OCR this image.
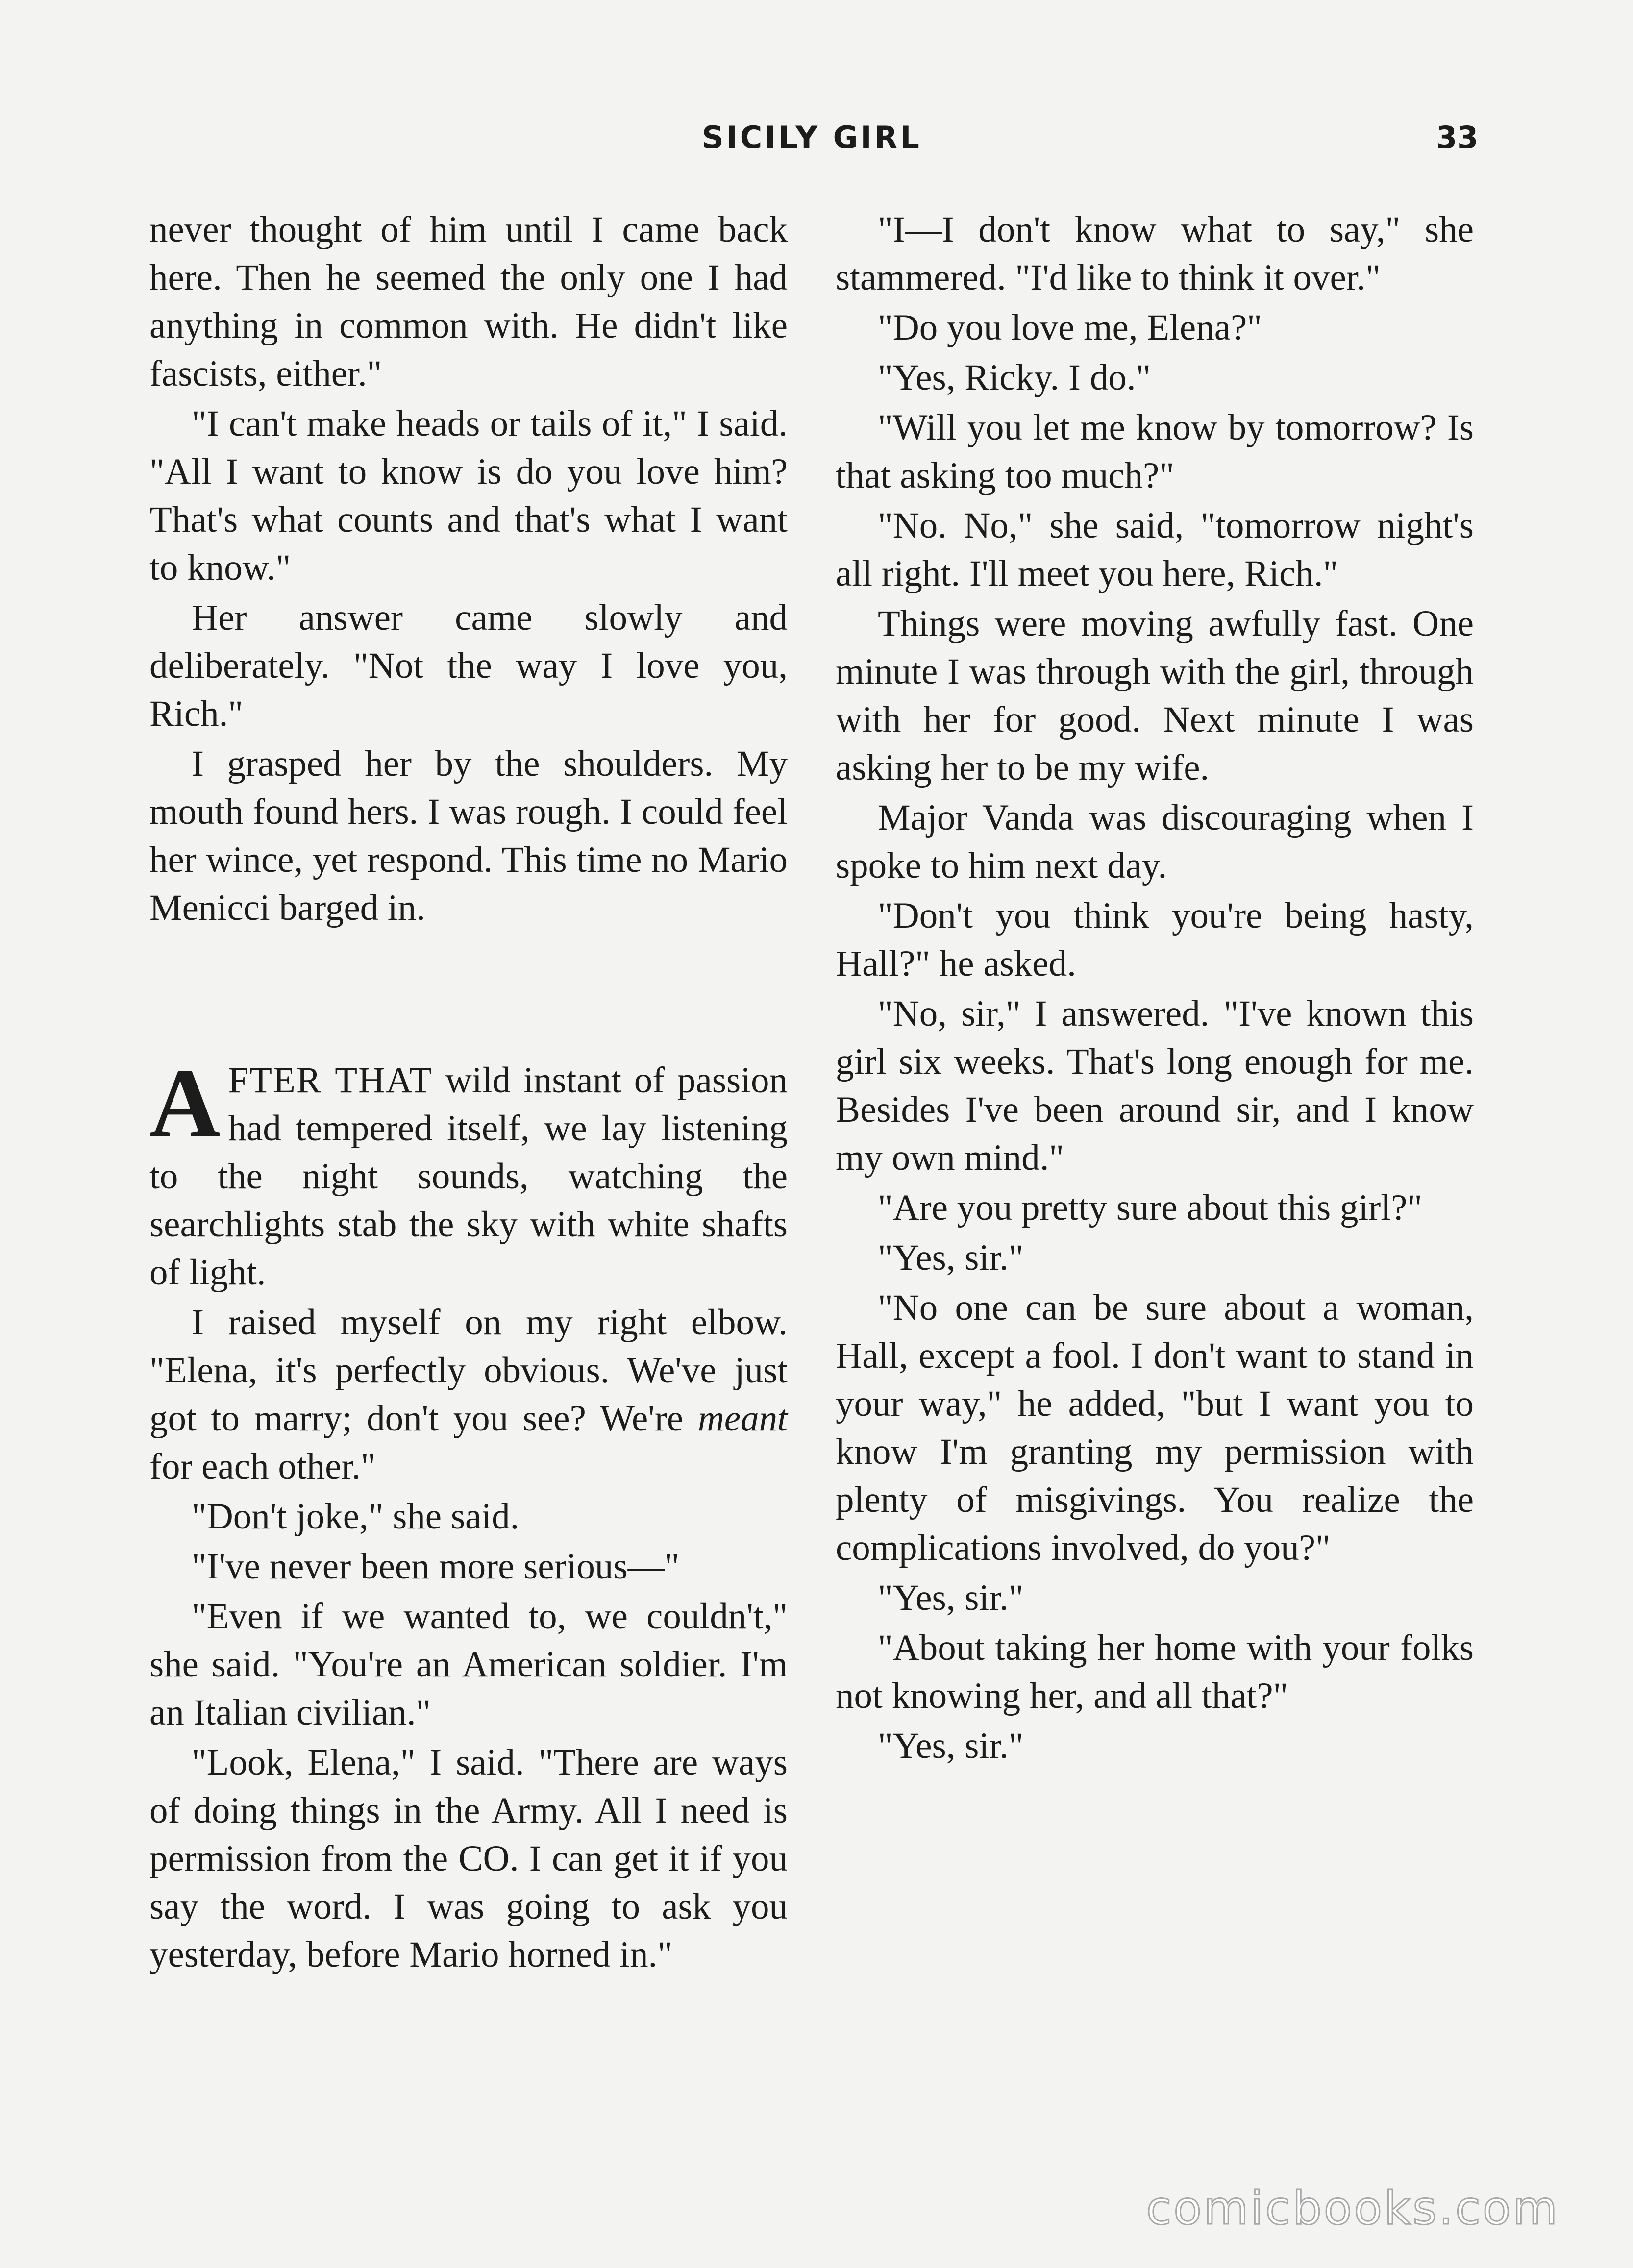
SICILY GIRL	33

never thought of him until I came back here. Then he seemed the only one I had anything in common with. He didn't like fascists, either."

"I can't make heads or tails of it," I said. "All I want to know is do you love him? That's what counts and that's what I want to know."

Her answer came slowly and deliberately. "Not the way I love you, Rich."

I grasped her by the shoulders. My mouth found hers. I was rough. I could feel her wince, yet respond. This time no Mario Menicci barged in.

AFTER THAT wild instant of passion had tempered itself, we lay listening to the night sounds, watching the searchlights stab the sky with white shafts of light.

I raised myself on my right elbow. "Elena, it's perfectly obvious. We've just got to marry; don't you see? We're meant for each other."

"Don't joke," she said.

"I've never been more serious—"

"Even if we wanted to, we couldn't," she said. "You're an American soldier. I'm an Italian civilian."

"Look, Elena," I said. "There are ways of doing things in the Army. All I need is permission from the CO. I can get it if you say the word. I was going to ask you yesterday, before Mario horned in."

"I—I don't know what to say," she stammered. "I'd like to think it over."

"Do you love me, Elena?"

"Yes, Ricky. I do."

"Will you let me know by tomorrow? Is that asking too much?"

"No. No," she said, "tomorrow night's all right. I'll meet you here, Rich."

Things were moving awfully fast. One minute I was through with the girl, through with her for good. Next minute I was asking her to be my wife.

Major Vanda was discouraging when I spoke to him next day.

"Don't you think you're being hasty, Hall?" he asked.

"No, sir," I answered. "I've known this girl six weeks. That's long enough for me. Besides I've been around sir, and I know my own mind."

"Are you pretty sure about this girl?"

"Yes, sir."

"No one can be sure about a woman, Hall, except a fool. I don't want to stand in your way," he added, "but I want you to know I'm granting my permission with plenty of misgivings. You realize the complications involved, do you?"

"Yes, sir."

"About taking her home with your folks not knowing her, and all that?"

"Yes, sir."

comicbooks.com
